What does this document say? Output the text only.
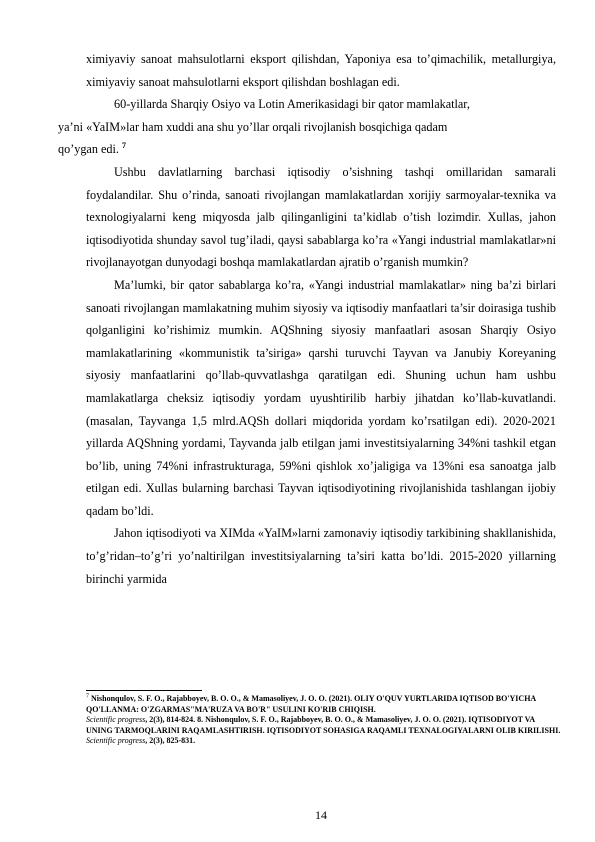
ximiyaviy sanoat mahsulotlarni eksport qilishdan, Yaponiya esa to’qimachilik, metallurgiya, ximiyaviy sanoat mahsulotlarni eksport qilishdan boshlagan edi.

60-yillarda Sharqiy Osiyo va Lotin Amerikasidagi bir qator mamlakatlar,
ya’ni «YaIM»lar ham xuddi ana shu yo’llar orqali rivojlanish bosqichiga qadam
qo’ygan edi. $^7$

Ushbu davlatlarning barchasi iqtisodiy o’sishning tashqi omillaridan samarali foydalandilar. Shu o’rinda, sanoati rivojlangan mamlakatlardan xorijiy sarmoyalar-texnika va texnologiyalarni keng miqyosda jalb qilinganligini ta’kidlab o’tish lozimdir. Xullas, jahon iqtisodiyotida shunday savol tug’iladi, qaysi sabablarga ko’ra «Yangi industrial mamlakatlar»ni rivojlanayotgan dunyodagi boshqa mamlakatlardan ajratib o’rganish mumkin?

Ma’lumki, bir qator sabablarga ko’ra, «Yangi industrial mamlakatlar» ning ba’zi birlari sanoati rivojlangan mamlakatning muhim siyosiy va iqtisodiy manfaatlari ta’sir doirasiga tushib qolganligini ko’rishimiz mumkin. AQShning siyosiy manfaatlari asosan Sharqiy Osiyo mamlakatlarining «kommunistik ta’siriga» qarshi turuvchi Tayvan va Janubiy Koreyaning siyosiy manfaatlarini qo’llab-quvvatlashga qaratilgan edi. Shuning uchun ham ushbu mamlakatlarga cheksiz iqtisodiy yordam uyushtirilib harbiy jihatdan ko’llab-kuvatlandi.(masalan, Tayvanga 1,5 mlrd.AQSh dollari miqdorida yordam ko’rsatilgan edi). 2020-2021 yillarda AQShning yordami, Tayvanda jalb etilgan jami investitsiyalarning 34%ni tashkil etgan bo’lib, uning 74%ni infrastrukturaga, 59%ni qishlok xo’jaligiga va 13%ni esa sanoatga jalb etilgan edi. Xullas bularning barchasi Tayvan iqtisodiyotining rivojlanishida tashlangan ijobiy qadam bo’ldi.

Jahon iqtisodiyoti va XIMda «YaIM»larni zamonaviy iqtisodiy tarkibining shakllanishida, to’g’ridan–to’g’ri yo’naltirilgan investitsiyalarning ta’siri katta bo’ldi. 2015-2020 yillarning birinchi yarmida

$^7$ Nishonqulov, S. F. O., Rajabboyev, B. O. O., & Mamasoliyev, J. O. O. (2021). OLIY O'QUV YURTLARIDA IQTISOD BO'YICHA QO'LLANMA: O'ZGARMAS"MA'RUZA VA BO'R" USULINI KO'RIB CHIQISH.
Scientific progress, 2(3), 814-824. 8. Nishonqulov, S. F. O., Rajabboyev, B. O. O., & Mamasoliyev, J. O. O. (2021). IQTISODIYOT VA UNING TARMOQLARINI RAQAMLASHTIRISH. IQTISODIYOT SOHASIGA RAQAMLI TEXNALOGIYALARNI OLIB KIRILISHI. Scientific progress, 2(3), 825-831.
14
